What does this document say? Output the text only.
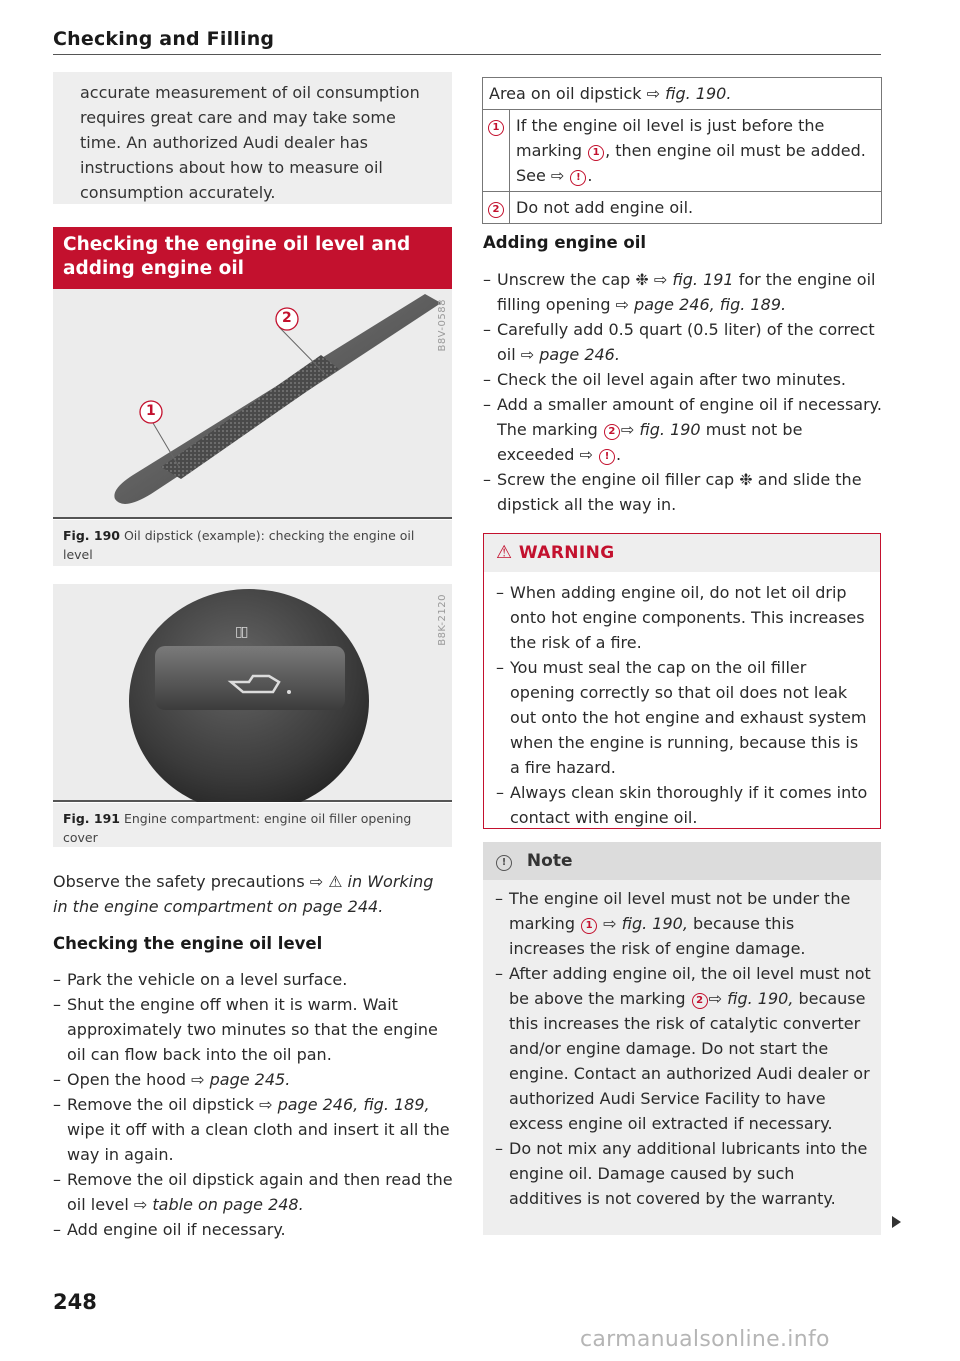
Checking and Filling
accurate measurement of oil consumption requires great care and may take some time. An authorized Audi dealer has instructions about how to measure oil consumption accurately.
Checking the engine oil level and adding engine oil
1
2	B8V-0588
Fig. 190 Oil dipstick (example): checking the engine oil level
▯▯	B8K-2120
Fig. 191 Engine compartment: engine oil filler opening cover
Observe the safety precautions ⇨ ⚠ in Working in the engine compartment on page 244.
Checking the engine oil level
– Park the vehicle on a level surface.
– Shut the engine off when it is warm. Wait approximately two minutes so that the engine oil can flow back into the oil pan.
– Open the hood ⇨ page 245.
– Remove the oil dipstick ⇨ page 246, fig. 189, wipe it off with a clean cloth and insert it all the way in again.
– Remove the oil dipstick again and then read the oil level ⇨ table on page 248.
– Add engine oil if necessary.
Area on oil dipstick ⇨ fig. 190.	
1	If the engine oil level is just before the marking 1 , then engine oil must be added. See ⇨ ! .
2	Do not add engine oil.
Adding engine oil
– Unscrew the cap ❉ ⇨ fig. 191 for the engine oil filling opening ⇨ page 246, fig. 189.
– Carefully add 0.5 quart (0.5 liter) of the correct oil ⇨ page 246.
– Check the oil level again after two minutes.
– Add a smaller amount of engine oil if necessary. The marking 2 ⇨ fig. 190 must not be exceeded ⇨ ! .
– Screw the engine oil filler cap ❉ and slide the dipstick all the way in.
⚠ WARNING
– When adding engine oil, do not let oil drip onto hot engine components. This increases the risk of a fire.
– You must seal the cap on the oil filler opening correctly so that oil does not leak out onto the hot engine and exhaust system when the engine is running, because this is a fire hazard.
– Always clean skin thoroughly if it comes into contact with engine oil.
! Note
– The engine oil level must not be under the marking 1 ⇨ fig. 190, because this increases the risk of engine damage.
– After adding engine oil, the oil level must not be above the marking 2 ⇨ fig. 190, because this increases the risk of catalytic converter and/or engine damage. Do not start the engine. Contact an authorized Audi dealer or authorized Audi Service Facility to have excess engine oil extracted if necessary.
– Do not mix any additional lubricants into the engine oil. Damage caused by such additives is not covered by the warranty.
248
carmanualsonline.info
